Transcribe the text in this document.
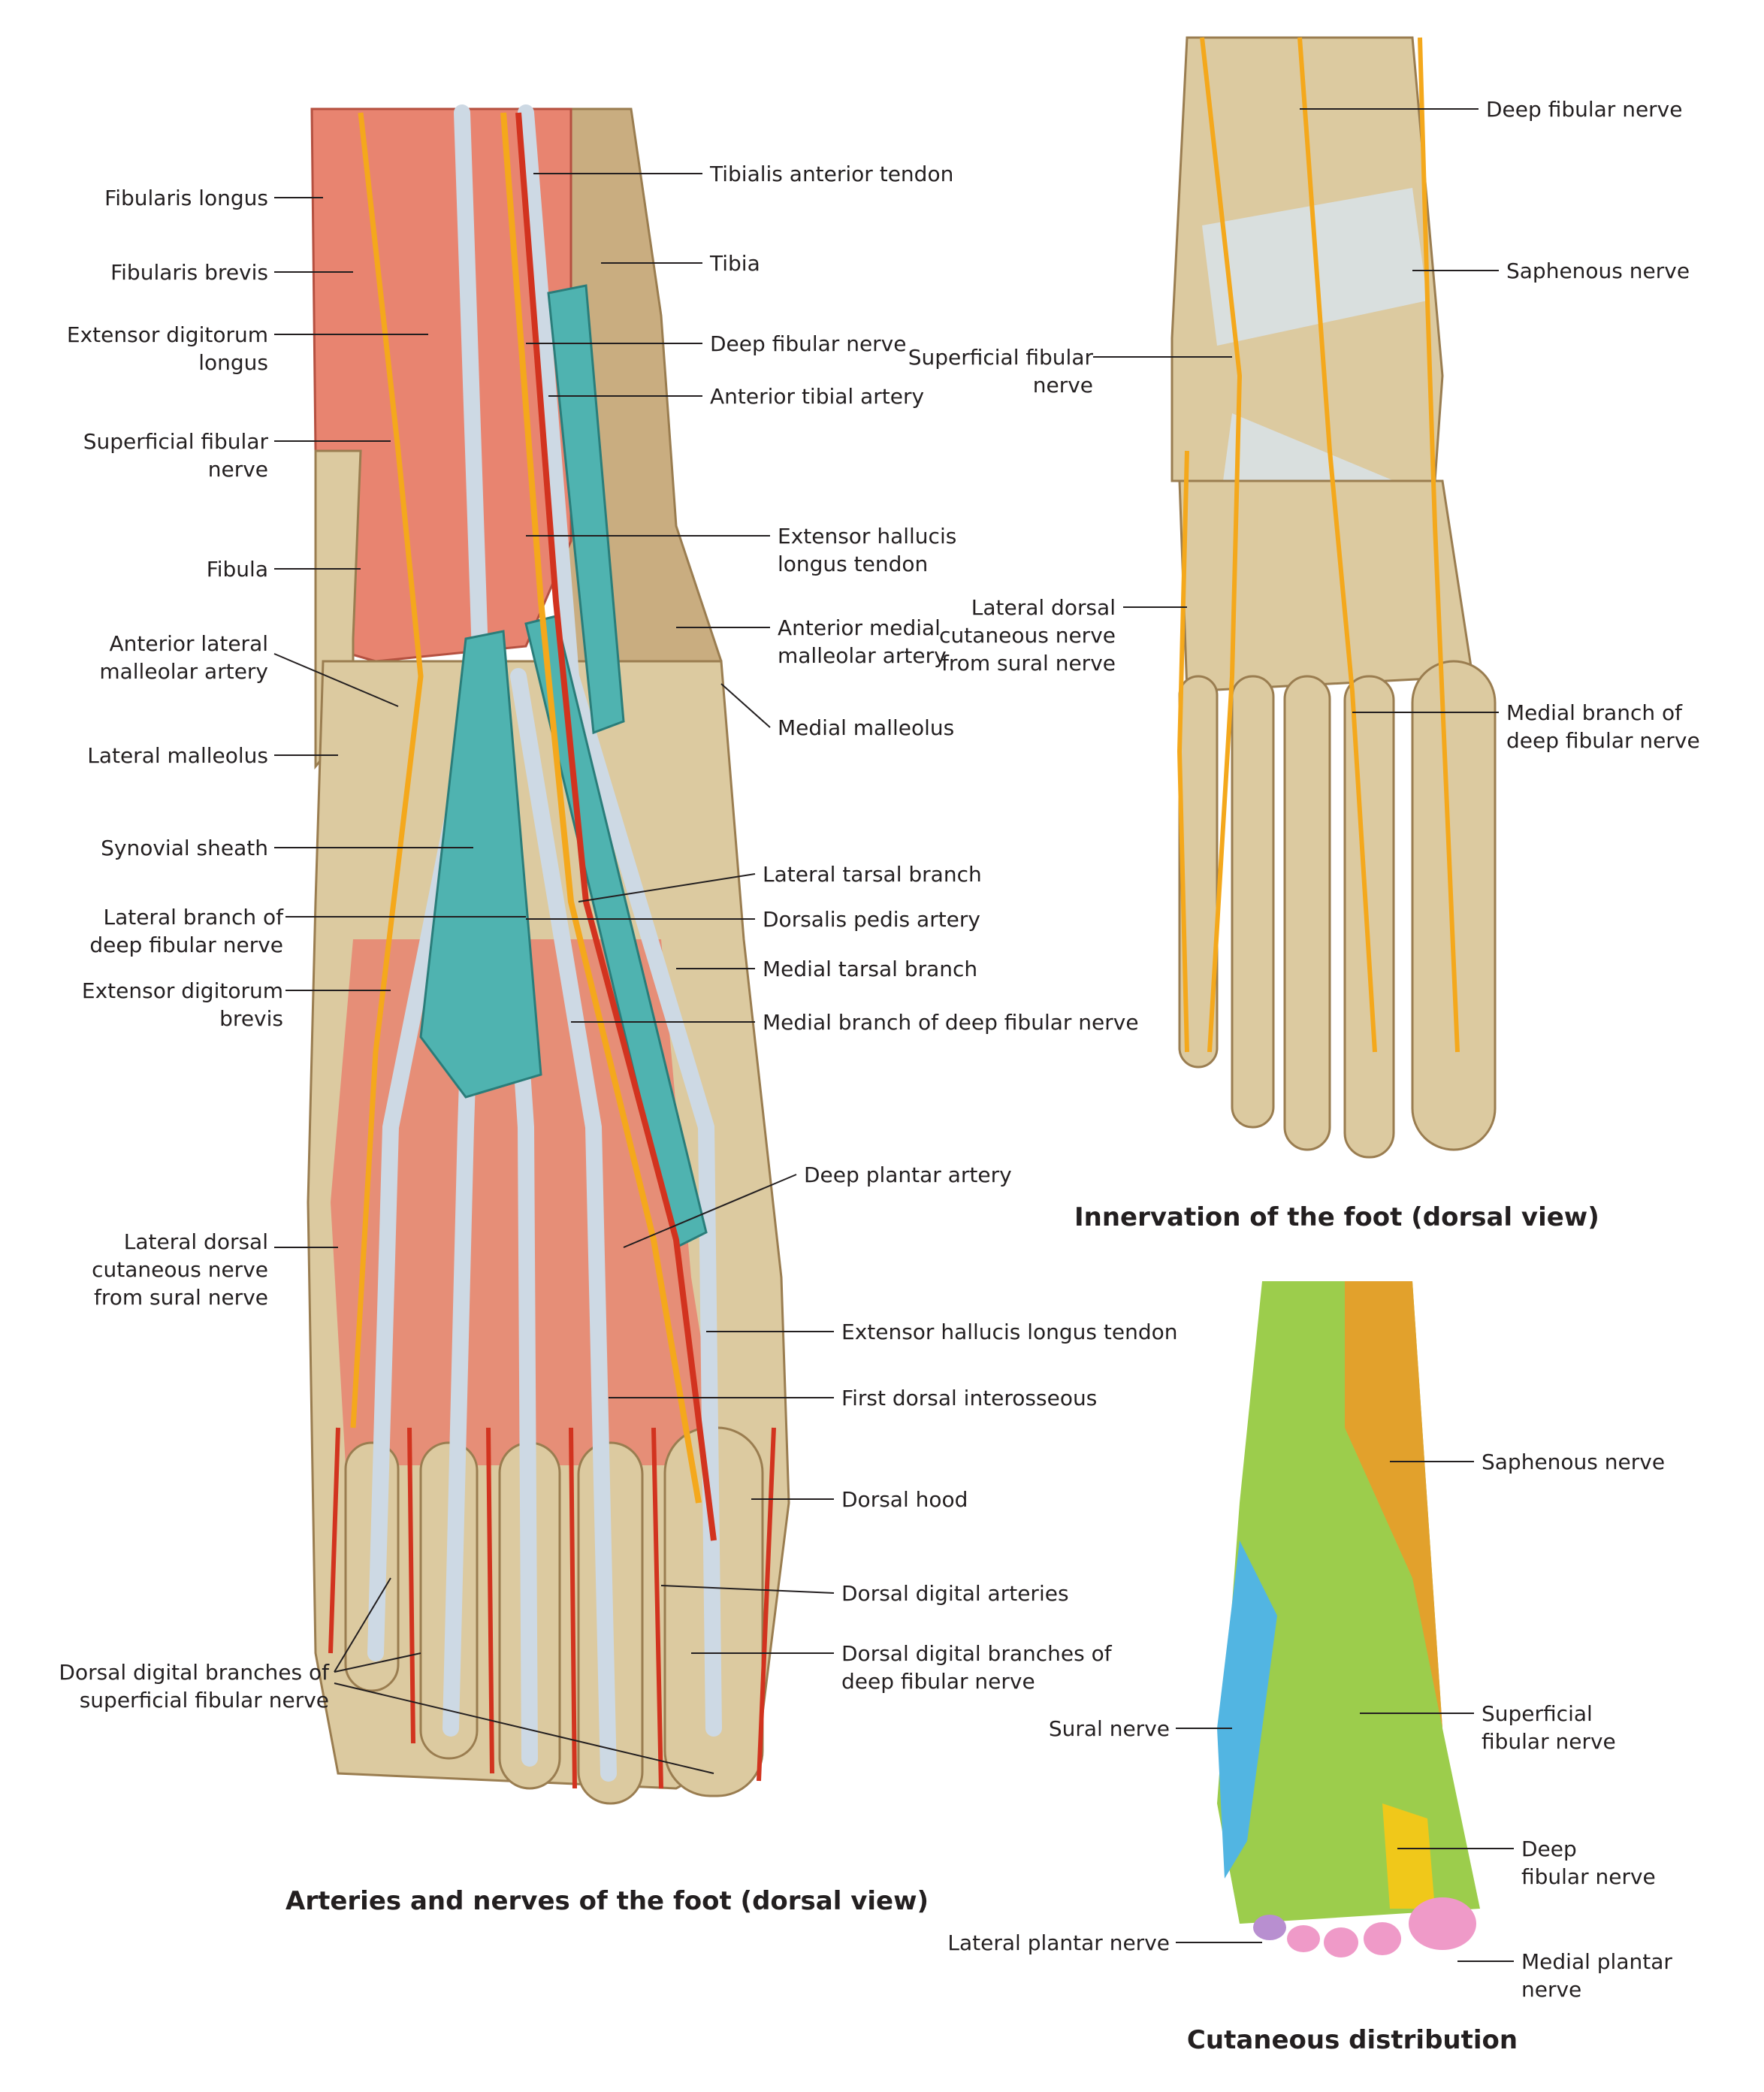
Fibularis longus
Fibularis brevis
Extensor digitorum
longus
Superficial fibular
nerve
Fibula
Anterior lateral
malleolar artery
Lateral malleolus
Synovial sheath
Lateral branch of
deep fibular nerve
Extensor digitorum
brevis
Lateral dorsal
cutaneous nerve
from sural nerve
Dorsal digital branches of
superficial fibular nerve
Tibialis anterior tendon
Tibia
Deep fibular nerve
Anterior tibial artery
Extensor hallucis
longus tendon
Anterior medial
malleolar artery
Medial malleolus
Lateral tarsal branch
Dorsalis pedis artery
Medial tarsal branch
Medial branch of deep fibular nerve
Deep plantar artery
Extensor hallucis longus tendon
First dorsal interosseous
Dorsal hood
Dorsal digital arteries
Dorsal digital branches of
deep fibular nerve
Deep fibular nerve
Saphenous nerve
Superficial fibular
nerve
Lateral dorsal
cutaneous nerve
from sural nerve
Medial branch of
deep fibular nerve
Saphenous nerve
Superficial
fibular nerve
Sural nerve
Deep
fibular nerve
Lateral plantar nerve
Medial plantar
nerve
Arteries and nerves of the foot (dorsal view)
Innervation of the foot (dorsal view)
Cutaneous distribution
